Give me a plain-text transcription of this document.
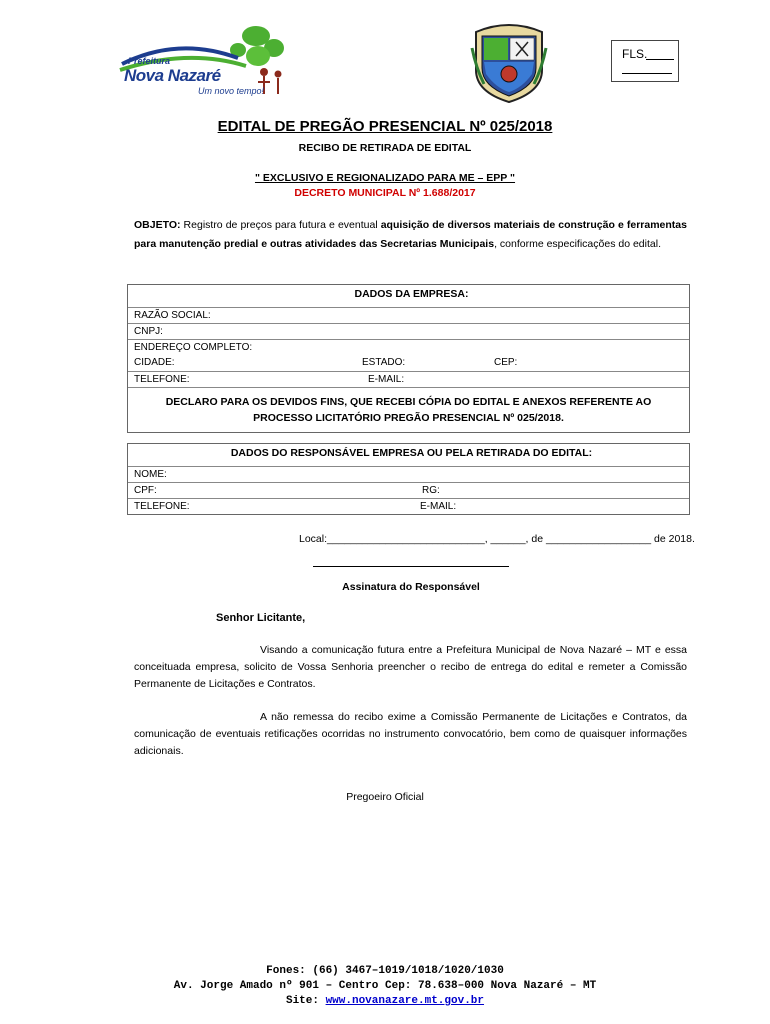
Prefeitura
Nova Nazaré
Um novo tempo!
FLS.
EDITAL DE PREGÃO PRESENCIAL Nº 025/2018
RECIBO DE RETIRADA DE EDITAL
" EXCLUSIVO E REGIONALIZADO PARA ME – EPP "
DECRETO MUNICIPAL Nº 1.688/2017
OBJETO: Registro de preços para futura e eventual aquisição de diversos materiais de construção e ferramentas para manutenção predial e outras atividades das Secretarias Municipais, conforme especificações do edital.
DADOS DA EMPRESA:
RAZÃO SOCIAL:
CNPJ:
ENDEREÇO COMPLETO:
CIDADE:	ESTADO:	CEP:
TELEFONE:	E-MAIL:
DECLARO PARA OS DEVIDOS FINS, QUE RECEBI CÓPIA DO EDITAL E ANEXOS REFERENTE AO PROCESSO LICITATÓRIO PREGÃO PRESENCIAL Nº 025/2018.
DADOS DO RESPONSÁVEL EMPRESA OU PELA RETIRADA DO EDITAL:
NOME:
CPF:	RG:
TELEFONE:	E-MAIL:
Local:___________________________, ______, de __________________ de 2018.
Assinatura do Responsável
Senhor Licitante,
Visando a comunicação futura entre a Prefeitura Municipal de Nova Nazaré – MT e essa conceituada empresa, solicito de Vossa Senhoria preencher o recibo de entrega do edital e remeter a Comissão Permanente de Licitações e Contratos.
A não remessa do recibo exime a Comissão Permanente de Licitações e Contratos, da comunicação de eventuais retificações ocorridas no instrumento convocatório, bem como de quaisquer informações adicionais.
Pregoeiro Oficial
Fones: (66) 3467–1019/1018/1020/1030
Av. Jorge Amado nº 901 – Centro Cep: 78.638–000 Nova Nazaré – MT
Site: www.novanazare.mt.gov.br
